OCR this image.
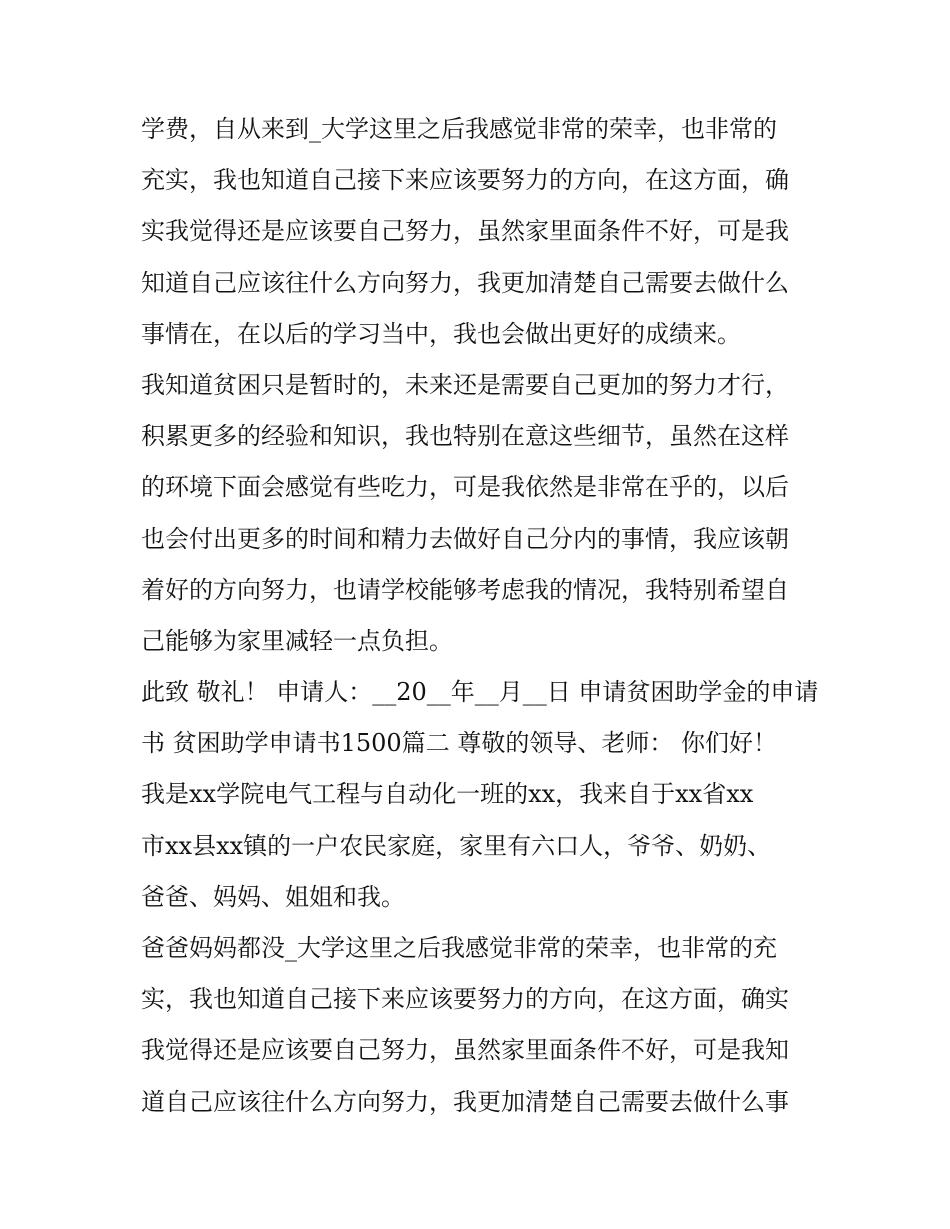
学费，自从来到_大学这里之后我感觉非常的荣幸，也非常的
充实，我也知道自己接下来应该要努力的方向，在这方面，确
实我觉得还是应该要自己努力，虽然家里面条件不好，可是我
知道自己应该往什么方向努力，我更加清楚自己需要去做什么
事情在，在以后的学习当中，我也会做出更好的成绩来。
我知道贫困只是暂时的，未来还是需要自己更加的努力才行，
积累更多的经验和知识，我也特别在意这些细节，虽然在这样
的环境下面会感觉有些吃力，可是我依然是非常在乎的，以后
也会付出更多的时间和精力去做好自己分内的事情，我应该朝
着好的方向努力，也请学校能够考虑我的情况，我特别希望自
己能够为家里减轻一点负担。
此致 敬礼！ 申请人：__20__年__月__日 申请贫困助学金的申请
书 贫困助学申请书1500篇二 尊敬的领导、老师： 你们好！
我是xx学院电气工程与自动化一班的xx，我来自于xx省xx
市xx县xx镇的一户农民家庭，家里有六口人，爷爷、奶奶、
爸爸、妈妈、姐姐和我。
爸爸妈妈都没_大学这里之后我感觉非常的荣幸，也非常的充
实，我也知道自己接下来应该要努力的方向，在这方面，确实
我觉得还是应该要自己努力，虽然家里面条件不好，可是我知
道自己应该往什么方向努力，我更加清楚自己需要去做什么事
